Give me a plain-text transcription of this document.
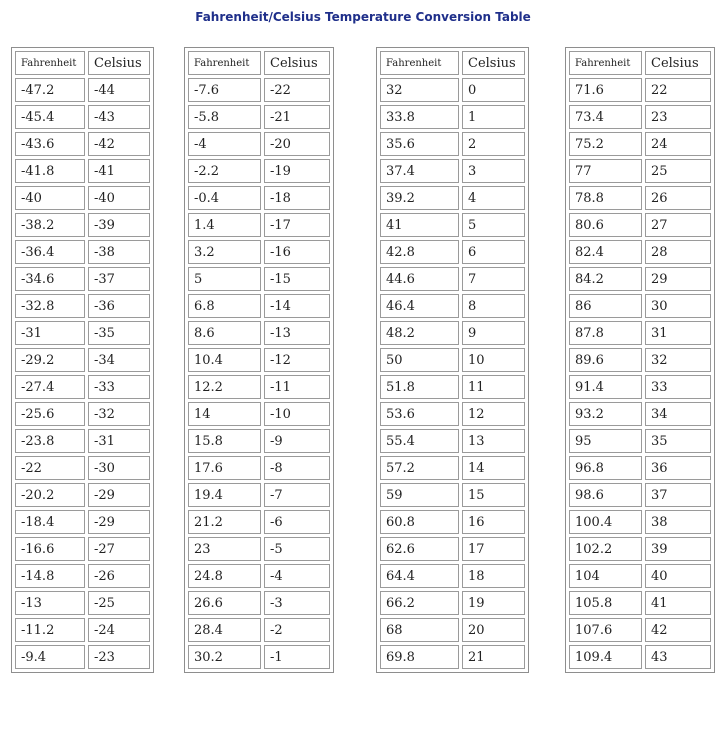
Fahrenheit/Celsius Temperature Conversion Table
Fahrenheit	Celsius
-47.2	-44
-45.4	-43
-43.6	-42
-41.8	-41
-40	-40
-38.2	-39
-36.4	-38
-34.6	-37
-32.8	-36
-31	-35
-29.2	-34
-27.4	-33
-25.6	-32
-23.8	-31
-22	-30
-20.2	-29
-18.4	-29
-16.6	-27
-14.8	-26
-13	-25
-11.2	-24
-9.4	-23
Fahrenheit	Celsius
-7.6	-22
-5.8	-21
-4	-20
-2.2	-19
-0.4	-18
1.4	-17
3.2	-16
5	-15
6.8	-14
8.6	-13
10.4	-12
12.2	-11
14	-10
15.8	-9
17.6	-8
19.4	-7
21.2	-6
23	-5
24.8	-4
26.6	-3
28.4	-2
30.2	-1
Fahrenheit	Celsius
32	0
33.8	1
35.6	2
37.4	3
39.2	4
41	5
42.8	6
44.6	7
46.4	8
48.2	9
50	10
51.8	11
53.6	12
55.4	13
57.2	14
59	15
60.8	16
62.6	17
64.4	18
66.2	19
68	20
69.8	21
Fahrenheit	Celsius
71.6	22
73.4	23
75.2	24
77	25
78.8	26
80.6	27
82.4	28
84.2	29
86	30
87.8	31
89.6	32
91.4	33
93.2	34
95	35
96.8	36
98.6	37
100.4	38
102.2	39
104	40
105.8	41
107.6	42
109.4	43
